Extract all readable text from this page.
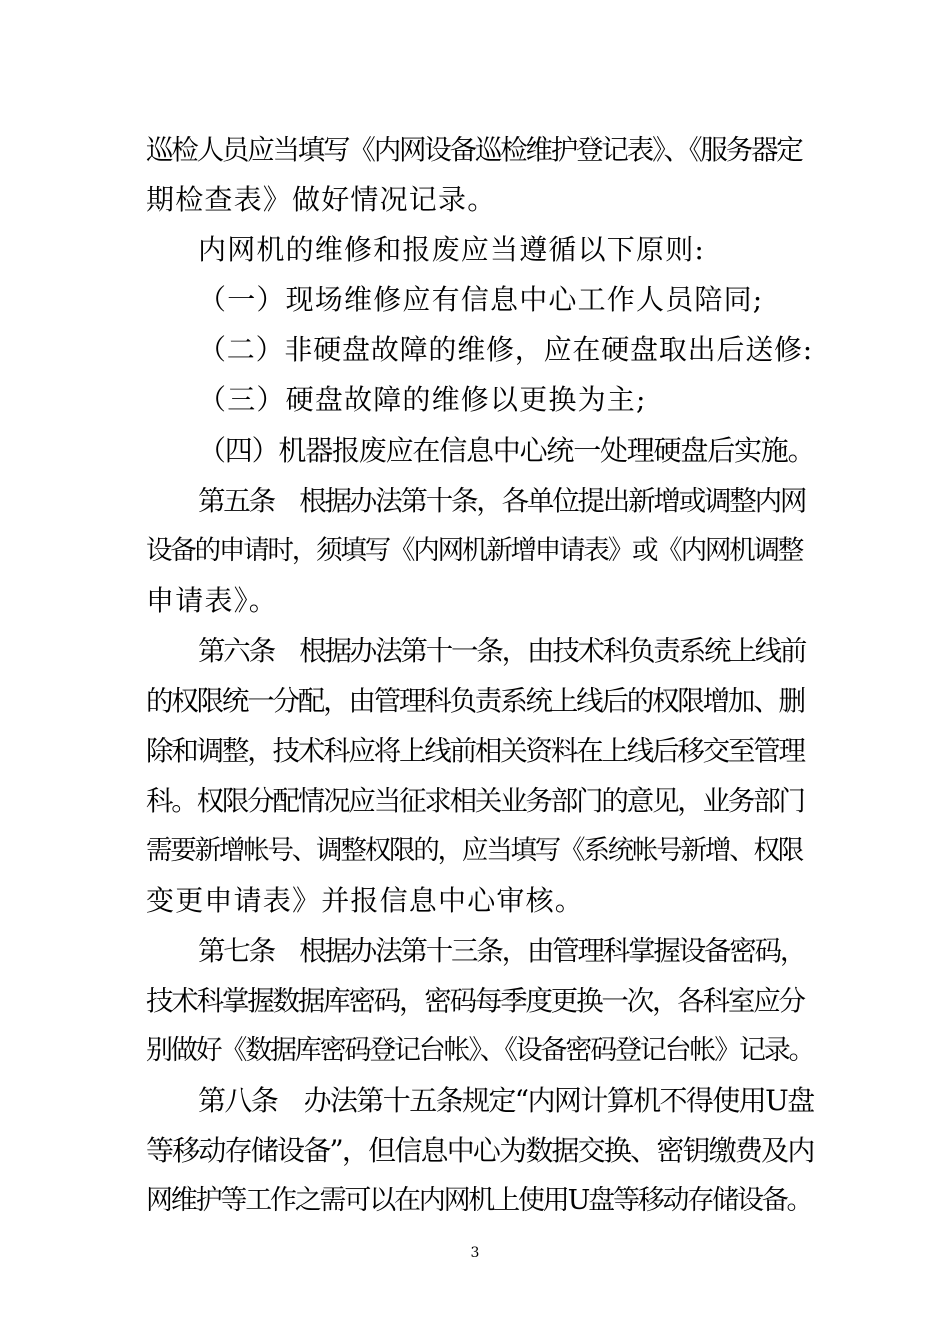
巡检人员应当填写《内网设备巡检维护登记表》、《服务器定
期检查表》做好情况记录。
内网机的维修和报废应当遵循以下原则:
（一）现场维修应有信息中心工作人员陪同;
（二）非硬盘故障的维修，应在硬盘取出后送修:
（三）硬盘故障的维修以更换为主;
（四）机器报废应在信息中心统一处理硬盘后实施。
第五条　根据办法第十条，各单位提出新增或调整内网
设备的申请时，须填写《内网机新增申请表》或《内网机调整
申请表》。
第六条　根据办法第十一条，由技术科负责系统上线前
的权限统一分配，由管理科负责系统上线后的权限增加、删
除和调整，技术科应将上线前相关资料在上线后移交至管理
科。权限分配情况应当征求相关业务部门的意见，业务部门
需要新增帐号、调整权限的，应当填写《系统帐号新增、权限
变更申请表》并报信息中心审核。
第七条　根据办法第十三条，由管理科掌握设备密码，
技术科掌握数据库密码，密码每季度更换一次，各科室应分
别做好《数据库密码登记台帐》、《设备密码登记台帐》记录。
第八条　办法第十五条规定“内网计算机不得使用U盘
等移动存储设备”，但信息中心为数据交换、密钥缴费及内
网维护等工作之需可以在内网机上使用U盘等移动存储设备。
3
